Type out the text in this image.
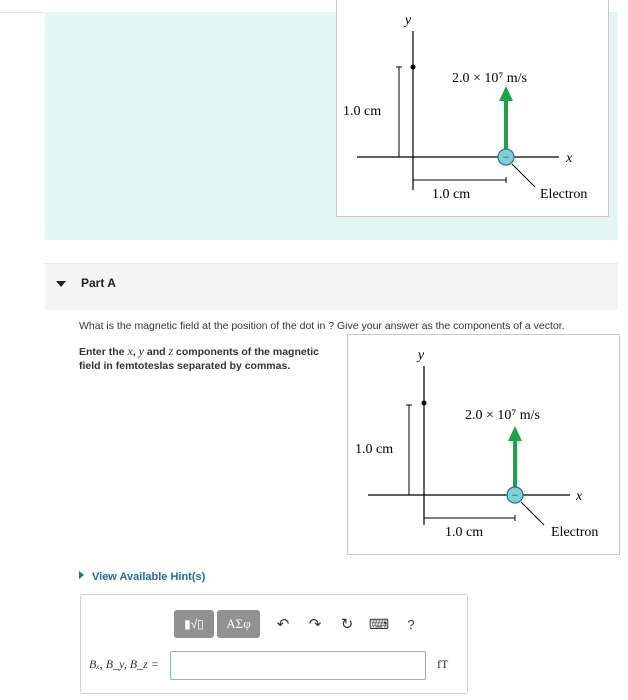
y
x
1.0 cm
1.0 cm
2.0 × 10⁷ m/s
−
Electron
Part A
What is the magnetic field at the position of the dot in ? Give your answer as the components of a vector.
Enter the x, y and z components of the magnetic field in femtoteslas separated by commas.
y
x
1.0 cm
1.0 cm
2.0 × 10⁷ m/s
−
Electron
View Available Hint(s)
▮√▯	ΑΣφ	↶ ↷ ↻ ⌨	?
Bₓ, B_y, B_z =	fT
